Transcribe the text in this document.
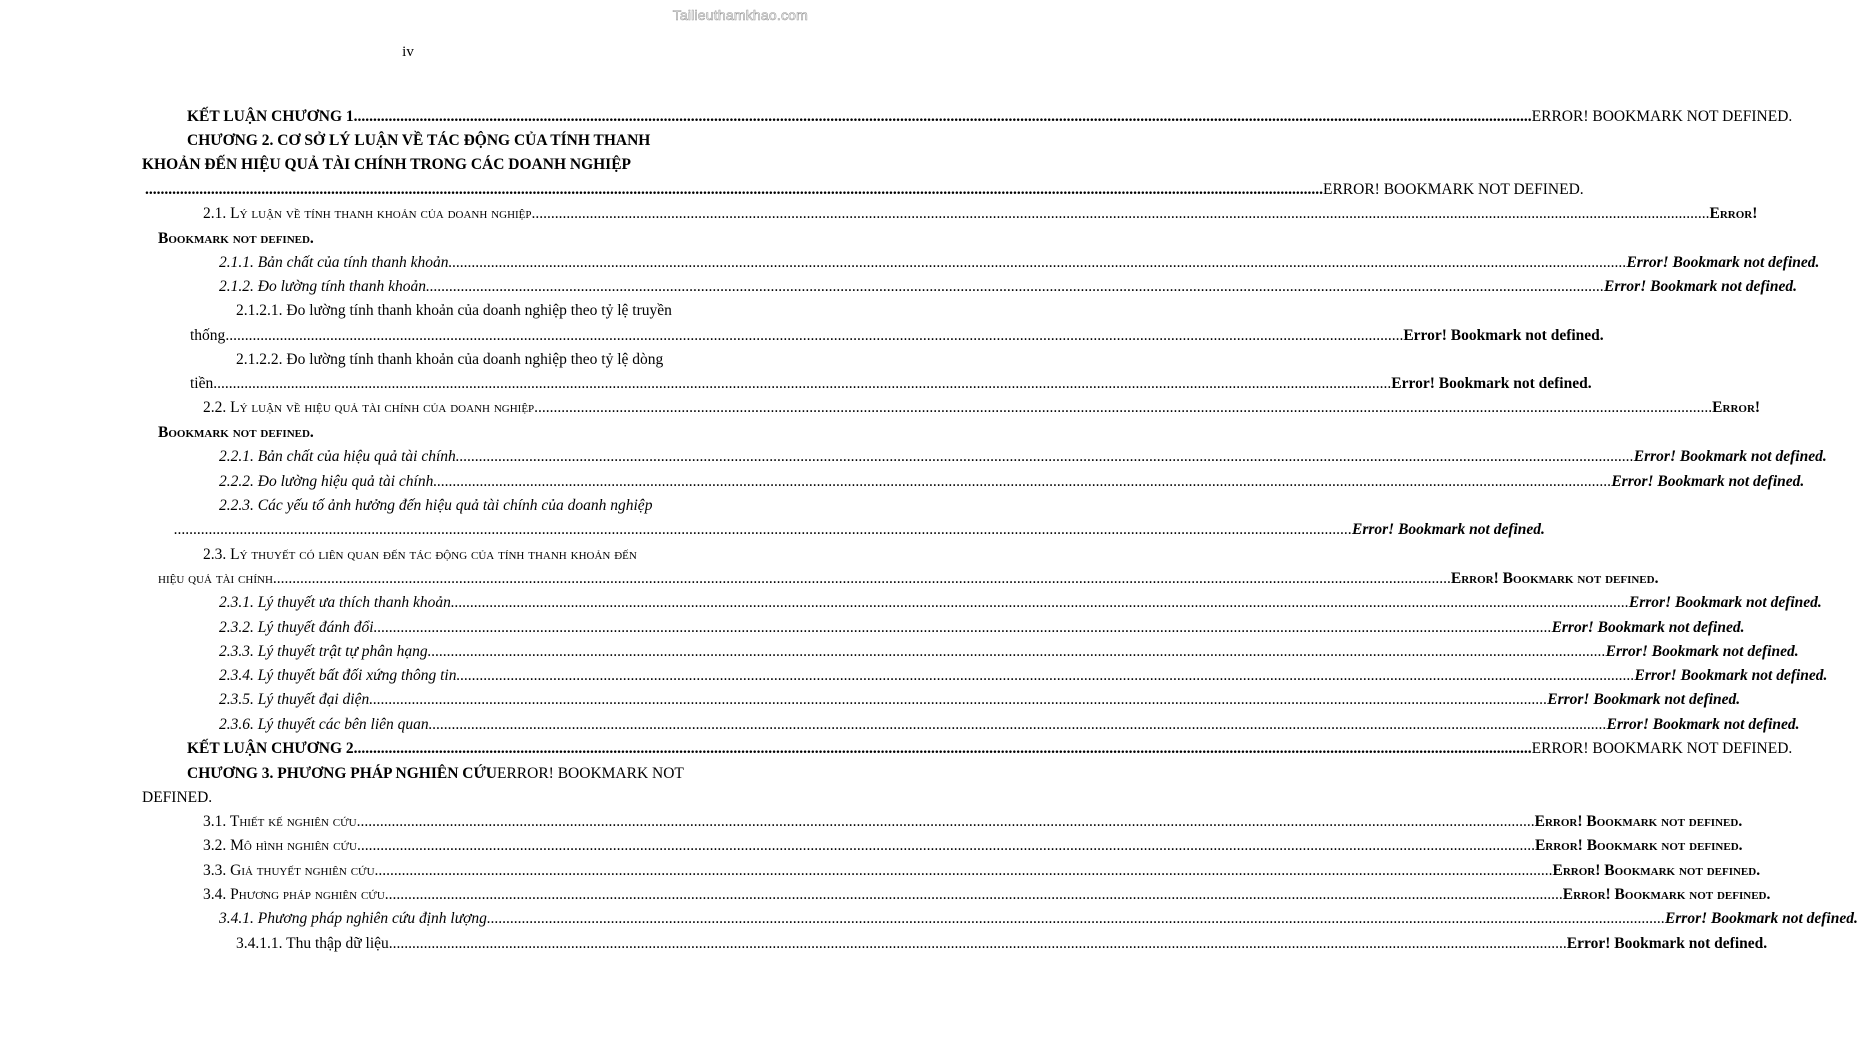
Tailieuthamkhao.com
iv
KẾT LUẬN CHƯƠNG 1 .....	ERROR! BOOKMARK NOT DEFINED.
CHƯƠNG 2. CƠ SỞ LÝ LUẬN VỀ TÁC ĐỘNG CỦA TÍNH THANH
KHOẢN ĐẾN HIỆU QUẢ TÀI CHÍNH TRONG CÁC DOANH NGHIỆP
.....
ERROR! BOOKMARK NOT DEFINED.
2.1. Lý luận về tính thanh khoản của doanh nghiệp .....	Error!
Bookmark not defined.
2.1.1. Bản chất của tính thanh khoản .....	Error! Bookmark not defined.
2.1.2. Đo lường tính thanh khoản .....	Error! Bookmark not defined.
2.1.2.1. Đo lường tính thanh khoản của doanh nghiệp theo tỷ lệ truyền
thống .....	Error! Bookmark not defined.
2.1.2.2. Đo lường tính thanh khoản của doanh nghiệp theo tỷ lệ dòng
tiền .....	Error! Bookmark not defined.
2.2. Lý luận về hiệu quả tài chính của doanh nghiệp .....	Error!
Bookmark not defined.
2.2.1. Bản chất của hiệu quả tài chính .....	Error! Bookmark not defined.
2.2.2. Đo lường hiệu quả tài chính .....	Error! Bookmark not defined.
2.2.3. Các yếu tố ảnh hưởng đến hiệu quả tài chính của doanh nghiệp
.....
Error! Bookmark not defined.
2.3. Lý thuyết có liên quan đến tác động của tính thanh khoản đến
hiệu quả tài chính .....	Error! Bookmark not defined.
2.3.1. Lý thuyết ưa thích thanh khoản .....	Error! Bookmark not defined.
2.3.2. Lý thuyết đánh đổi .....	Error! Bookmark not defined.
2.3.3. Lý thuyết trật tự phân hạng .....	Error! Bookmark not defined.
2.3.4. Lý thuyết bất đối xứng thông tin .....	Error! Bookmark not defined.
2.3.5. Lý thuyết đại diện .....	Error! Bookmark not defined.
2.3.6. Lý thuyết các bên liên quan .....	Error! Bookmark not defined.
KẾT LUẬN CHƯƠNG 2 .....	ERROR! BOOKMARK NOT DEFINED.
CHƯƠNG 3. PHƯƠNG PHÁP NGHIÊN CỨU ERROR! BOOKMARK NOT
DEFINED.
3.1. Thiết kế nghiên cứu .....	Error! Bookmark not defined.
3.2. Mô hình nghiên cứu .....	Error! Bookmark not defined.
3.3. Giả thuyết nghiên cứu .....	Error! Bookmark not defined.
3.4. Phương pháp nghiên cứu .....	Error! Bookmark not defined.
3.4.1. Phương pháp nghiên cứu định lượng .....	Error! Bookmark not defined.
3.4.1.1. Thu thập dữ liệu .....	Error! Bookmark not defined.
